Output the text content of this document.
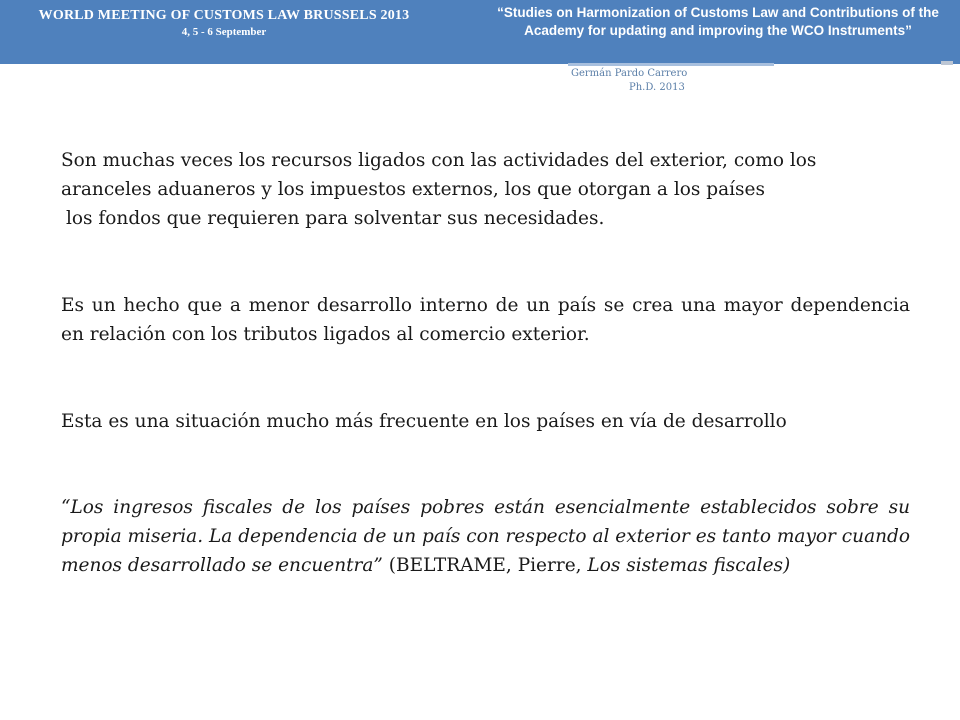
WORLD MEETING OF CUSTOMS LAW BRUSSELS 2013
4, 5 - 6 September
“Studies on Harmonization of Customs Law and Contributions of the Academy for updating and improving the WCO Instruments”
Germán Pardo Carrero
Ph.D. 2013

Son muchas veces los recursos ligados con las actividades del exterior, como los aranceles aduaneros y los impuestos externos, los que otorgan a los países
los fondos que requieren para solventar sus necesidades.

Es un hecho que a menor desarrollo interno de un país se crea una mayor dependencia en relación con los tributos ligados al comercio exterior.

Esta es una situación mucho más frecuente en los países en vía de desarrollo

“Los ingresos fiscales de los países pobres están esencialmente establecidos sobre su propia miseria. La dependencia de un país con respecto al exterior es tanto mayor cuando menos desarrollado se encuentra” (BELTRAME, Pierre, Los sistemas fiscales)
